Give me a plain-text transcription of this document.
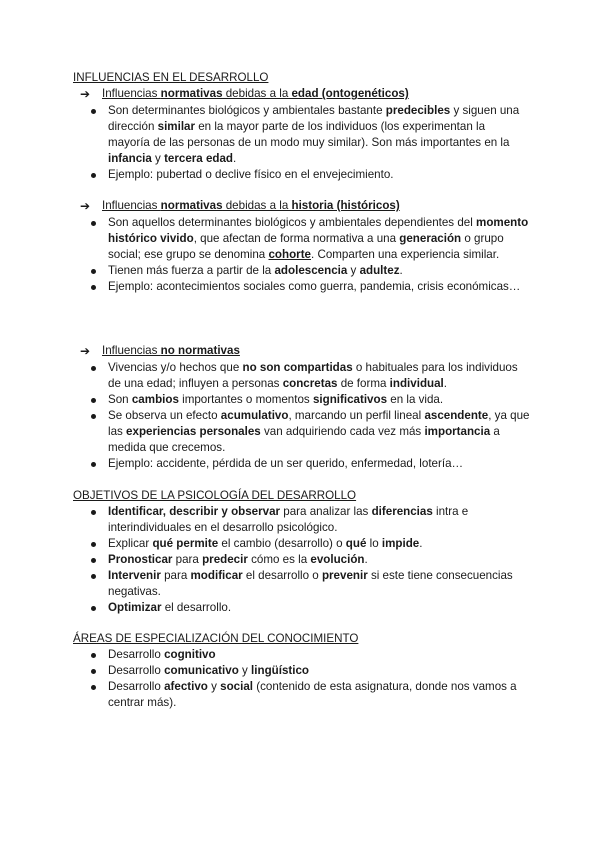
INFLUENCIAS EN EL DESARROLLO
➔	Influencias normativas debidas a la edad (ontogenéticos)
Son determinantes biológicos y ambientales bastante predecibles y siguen una dirección similar en la mayor parte de los individuos (los experimentan la mayoría de las personas de un modo muy similar). Son más importantes en la infancia y tercera edad.
Ejemplo: pubertad o declive físico en el envejecimiento.
➔	Influencias normativas debidas a la historia (históricos)
Son aquellos determinantes biológicos y ambientales dependientes del momento histórico vivido, que afectan de forma normativa a una generación o grupo social; ese grupo se denomina cohorte. Comparten una experiencia similar.
Tienen más fuerza a partir de la adolescencia y adultez.
Ejemplo: acontecimientos sociales como guerra, pandemia, crisis económicas…
➔	Influencias no normativas
Vivencias y/o hechos que no son compartidas o habituales para los individuos de una edad; influyen a personas concretas de forma individual.
Son cambios importantes o momentos significativos en la vida.
Se observa un efecto acumulativo, marcando un perfil lineal ascendente, ya que las experiencias personales van adquiriendo cada vez más importancia a medida que crecemos.
Ejemplo: accidente, pérdida de un ser querido, enfermedad, lotería…
OBJETIVOS DE LA PSICOLOGÍA DEL DESARROLLO
Identificar, describir y observar para analizar las diferencias intra e interindividuales en el desarrollo psicológico.
Explicar qué permite el cambio (desarrollo) o qué lo impide.
Pronosticar para predecir cómo es la evolución.
Intervenir para modificar el desarrollo o prevenir si este tiene consecuencias negativas.
Optimizar el desarrollo.
ÁREAS DE ESPECIALIZACIÓN DEL CONOCIMIENTO
Desarrollo cognitivo
Desarrollo comunicativo y lingüístico
Desarrollo afectivo y social (contenido de esta asignatura, donde nos vamos a centrar más).
